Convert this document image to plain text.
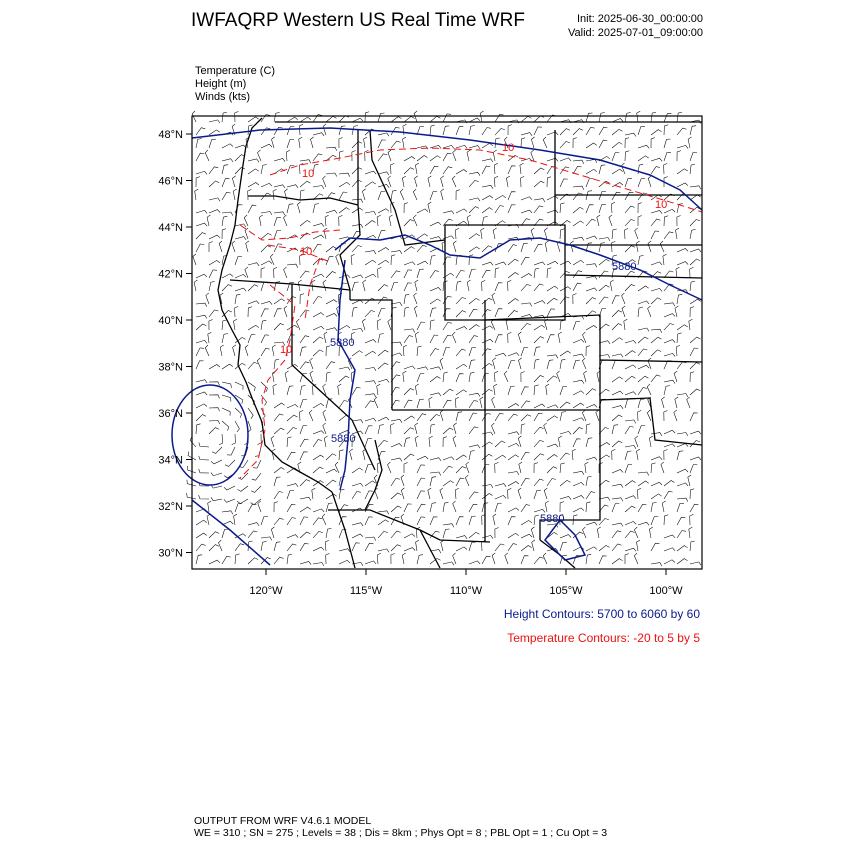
IWFAQRP Western US Real Time WRF	Init: 2025-06-30_00:00:00
Valid: 2025-07-01_09:00:00
Temperature (C)
Height (m)
Winds (kts)
48°N
46°N
44°N
42°N
40°N
38°N
36°N
34°N
32°N
30°N
120°W	115°W	110°W	105°W	100°W
5880
5880
5880
5880
10
10
10
10
10
Height Contours: 5700 to 6060 by 60
Temperature Contours: -20 to 5 by 5
OUTPUT FROM WRF V4.6.1 MODEL
WE = 310 ; SN = 275 ; Levels = 38 ; Dis = 8km ; Phys Opt = 8 ; PBL Opt = 1 ; Cu Opt = 3
